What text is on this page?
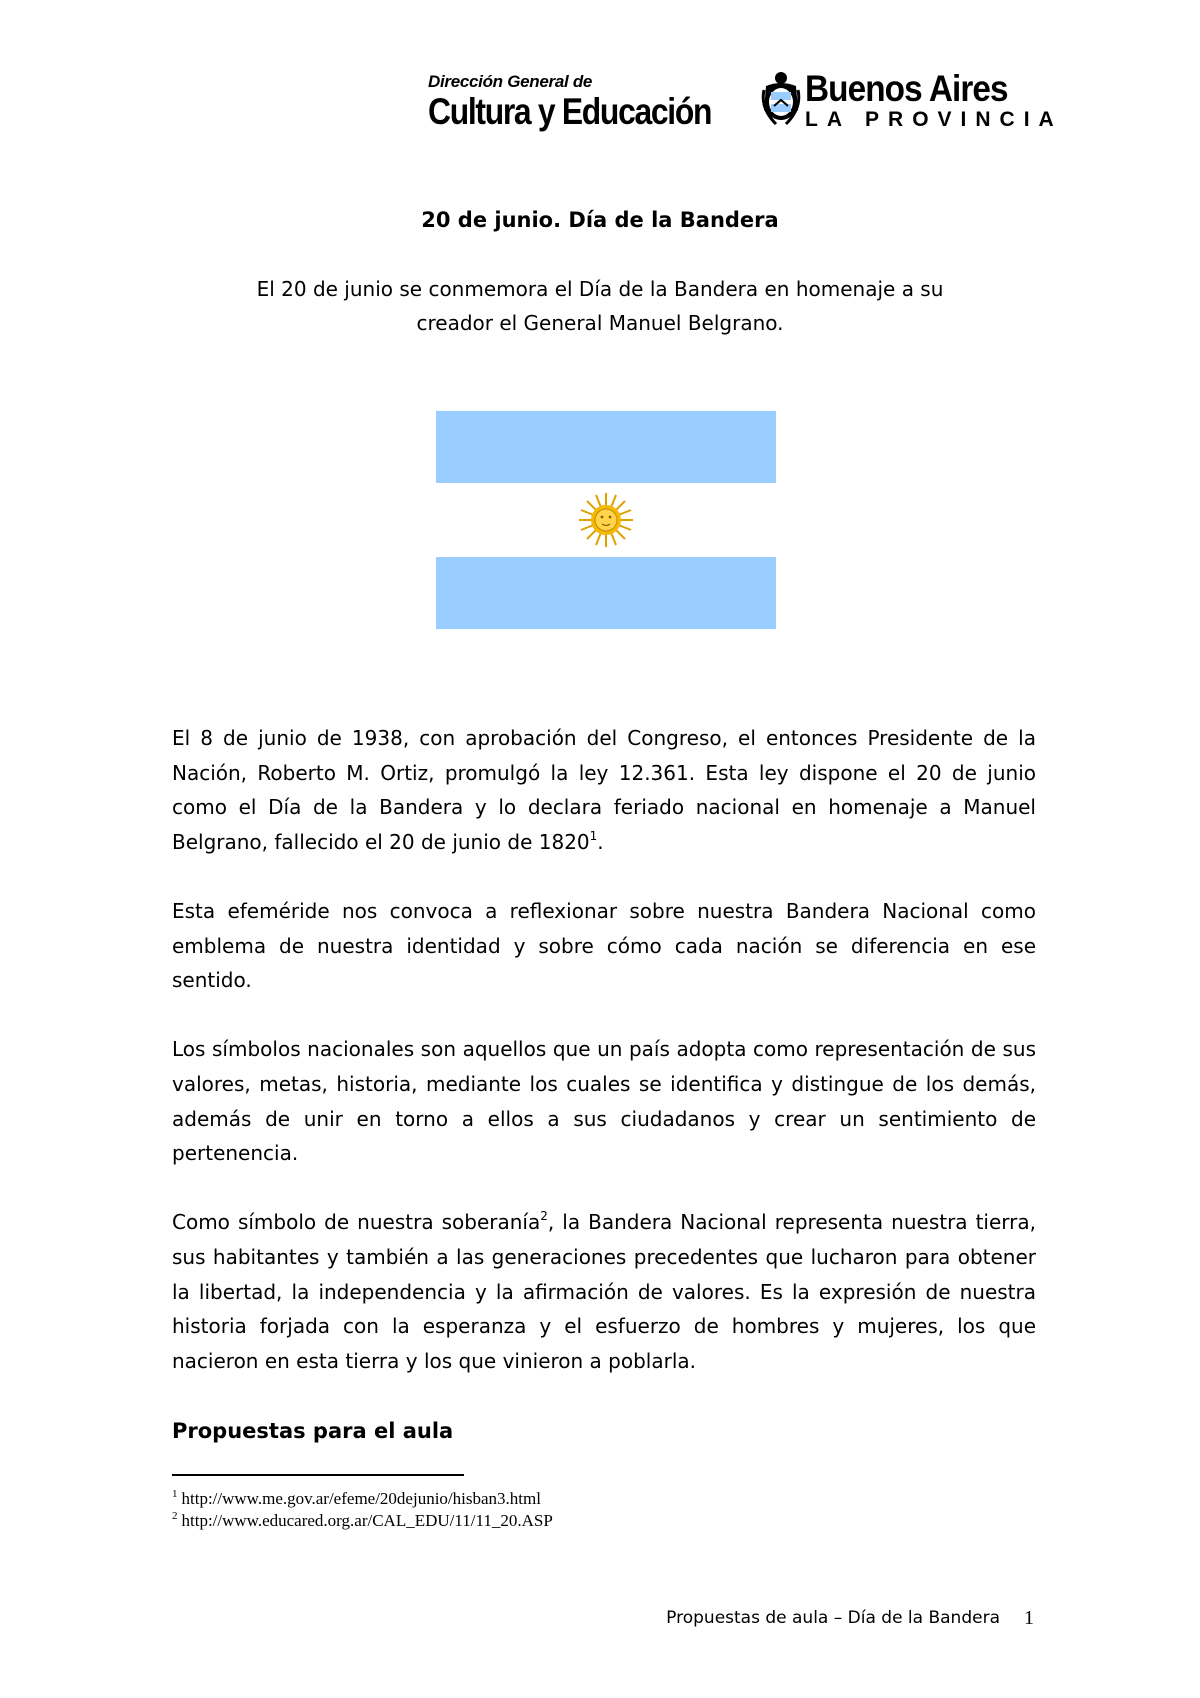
Dirección General de
Cultura y Educación
Buenos Aires
LA PROVINCIA
20 de junio. Día de la Bandera
El 20 de junio se conmemora el Día de la Bandera en homenaje a su
creador el General Manuel Belgrano.

El 8 de junio de 1938, con aprobación del Congreso, el entonces Presidente de la Nación, Roberto M. Ortiz, promulgó la ley 12.361. Esta ley dispone el 20 de junio como el Día de la Bandera y lo declara feriado nacional en homenaje a Manuel Belgrano, fallecido el 20 de junio de 1820$^1$.

Esta efeméride nos convoca a reflexionar sobre nuestra Bandera Nacional como emblema de nuestra identidad y sobre cómo cada nación se diferencia en ese sentido.

Los símbolos nacionales son aquellos que un país adopta como representación de sus valores, metas, historia, mediante los cuales se identifica y distingue de los demás, además de unir en torno a ellos a sus ciudadanos y crear un sentimiento de pertenencia.

Como símbolo de nuestra soberanía$^2$, la Bandera Nacional representa nuestra tierra, sus habitantes y también a las generaciones precedentes que lucharon para obtener la libertad, la independencia y la afirmación de valores. Es la expresión de nuestra historia forjada con la esperanza y el esfuerzo de hombres y mujeres, los que nacieron en esta tierra y los que vinieron a poblarla.

Propuestas para el aula
$^1$ http://www.me.gov.ar/efeme/20dejunio/hisban3.html
$^2$ http://www.educared.org.ar/CAL_EDU/11/11_20.ASP
Propuestas de aula – Día de la Bandera 1
